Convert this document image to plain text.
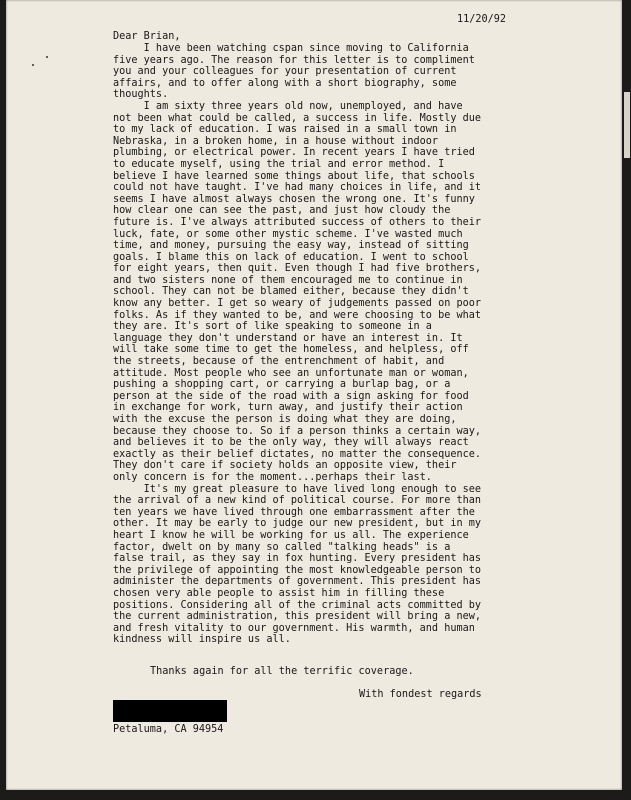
11/20/92
Dear Brian,
I have been watching cspan since moving to California
five years ago. The reason for this letter is to compliment
you and your colleagues for your presentation of current
affairs, and to offer along with a short biography, some
thoughts.
I am sixty three years old now, unemployed, and have
not been what could be called, a success in life. Mostly due
to my lack of education. I was raised in a small town in
Nebraska, in a broken home, in a house without indoor
plumbing, or electrical power. In recent years I have tried
to educate myself, using the trial and error method. I
believe I have learned some things about life, that schools
could not have taught. I've had many choices in life, and it
seems I have almost always chosen the wrong one. It's funny
how clear one can see the past, and just how cloudy the
future is. I've always attributed success of others to their
luck, fate, or some other mystic scheme. I've wasted much
time, and money, pursuing the easy way, instead of sitting
goals. I blame this on lack of education. I went to school
for eight years, then quit. Even though I had five brothers,
and two sisters none of them encouraged me to continue in
school. They can not be blamed either, because they didn't
know any better. I get so weary of judgements passed on poor
folks. As if they wanted to be, and were choosing to be what
they are. It's sort of like speaking to someone in a
language they don't understand or have an interest in. It
will take some time to get the homeless, and helpless, off
the streets, because of the entrenchment of habit, and
attitude. Most people who see an unfortunate man or woman,
pushing a shopping cart, or carrying a burlap bag, or a
person at the side of the road with a sign asking for food
in exchange for work, turn away, and justify their action
with the excuse the person is doing what they are doing,
because they choose to. So if a person thinks a certain way,
and believes it to be the only way, they will always react
exactly as their belief dictates, no matter the consequence.
They don't care if society holds an opposite view, their
only concern is for the moment...perhaps their last.
It's my great pleasure to have lived long enough to see
the arrival of a new kind of political course. For more than
ten years we have lived through one embarrassment after the
other. It may be early to judge our new president, but in my
heart I know he will be working for us all. The experience
factor, dwelt on by many so called "talking heads" is a
false trail, as they say in fox hunting. Every president has
the privilege of appointing the most knowledgeable person to
administer the departments of government. This president has
chosen very able people to assist him in filling these
positions. Considering all of the criminal acts committed by
the current administration, this president will bring a new,
and fresh vitality to our government. His warmth, and human
kindness will inspire us all.
Thanks again for all the terrific coverage.
With fondest regards
Petaluma, CA 94954
